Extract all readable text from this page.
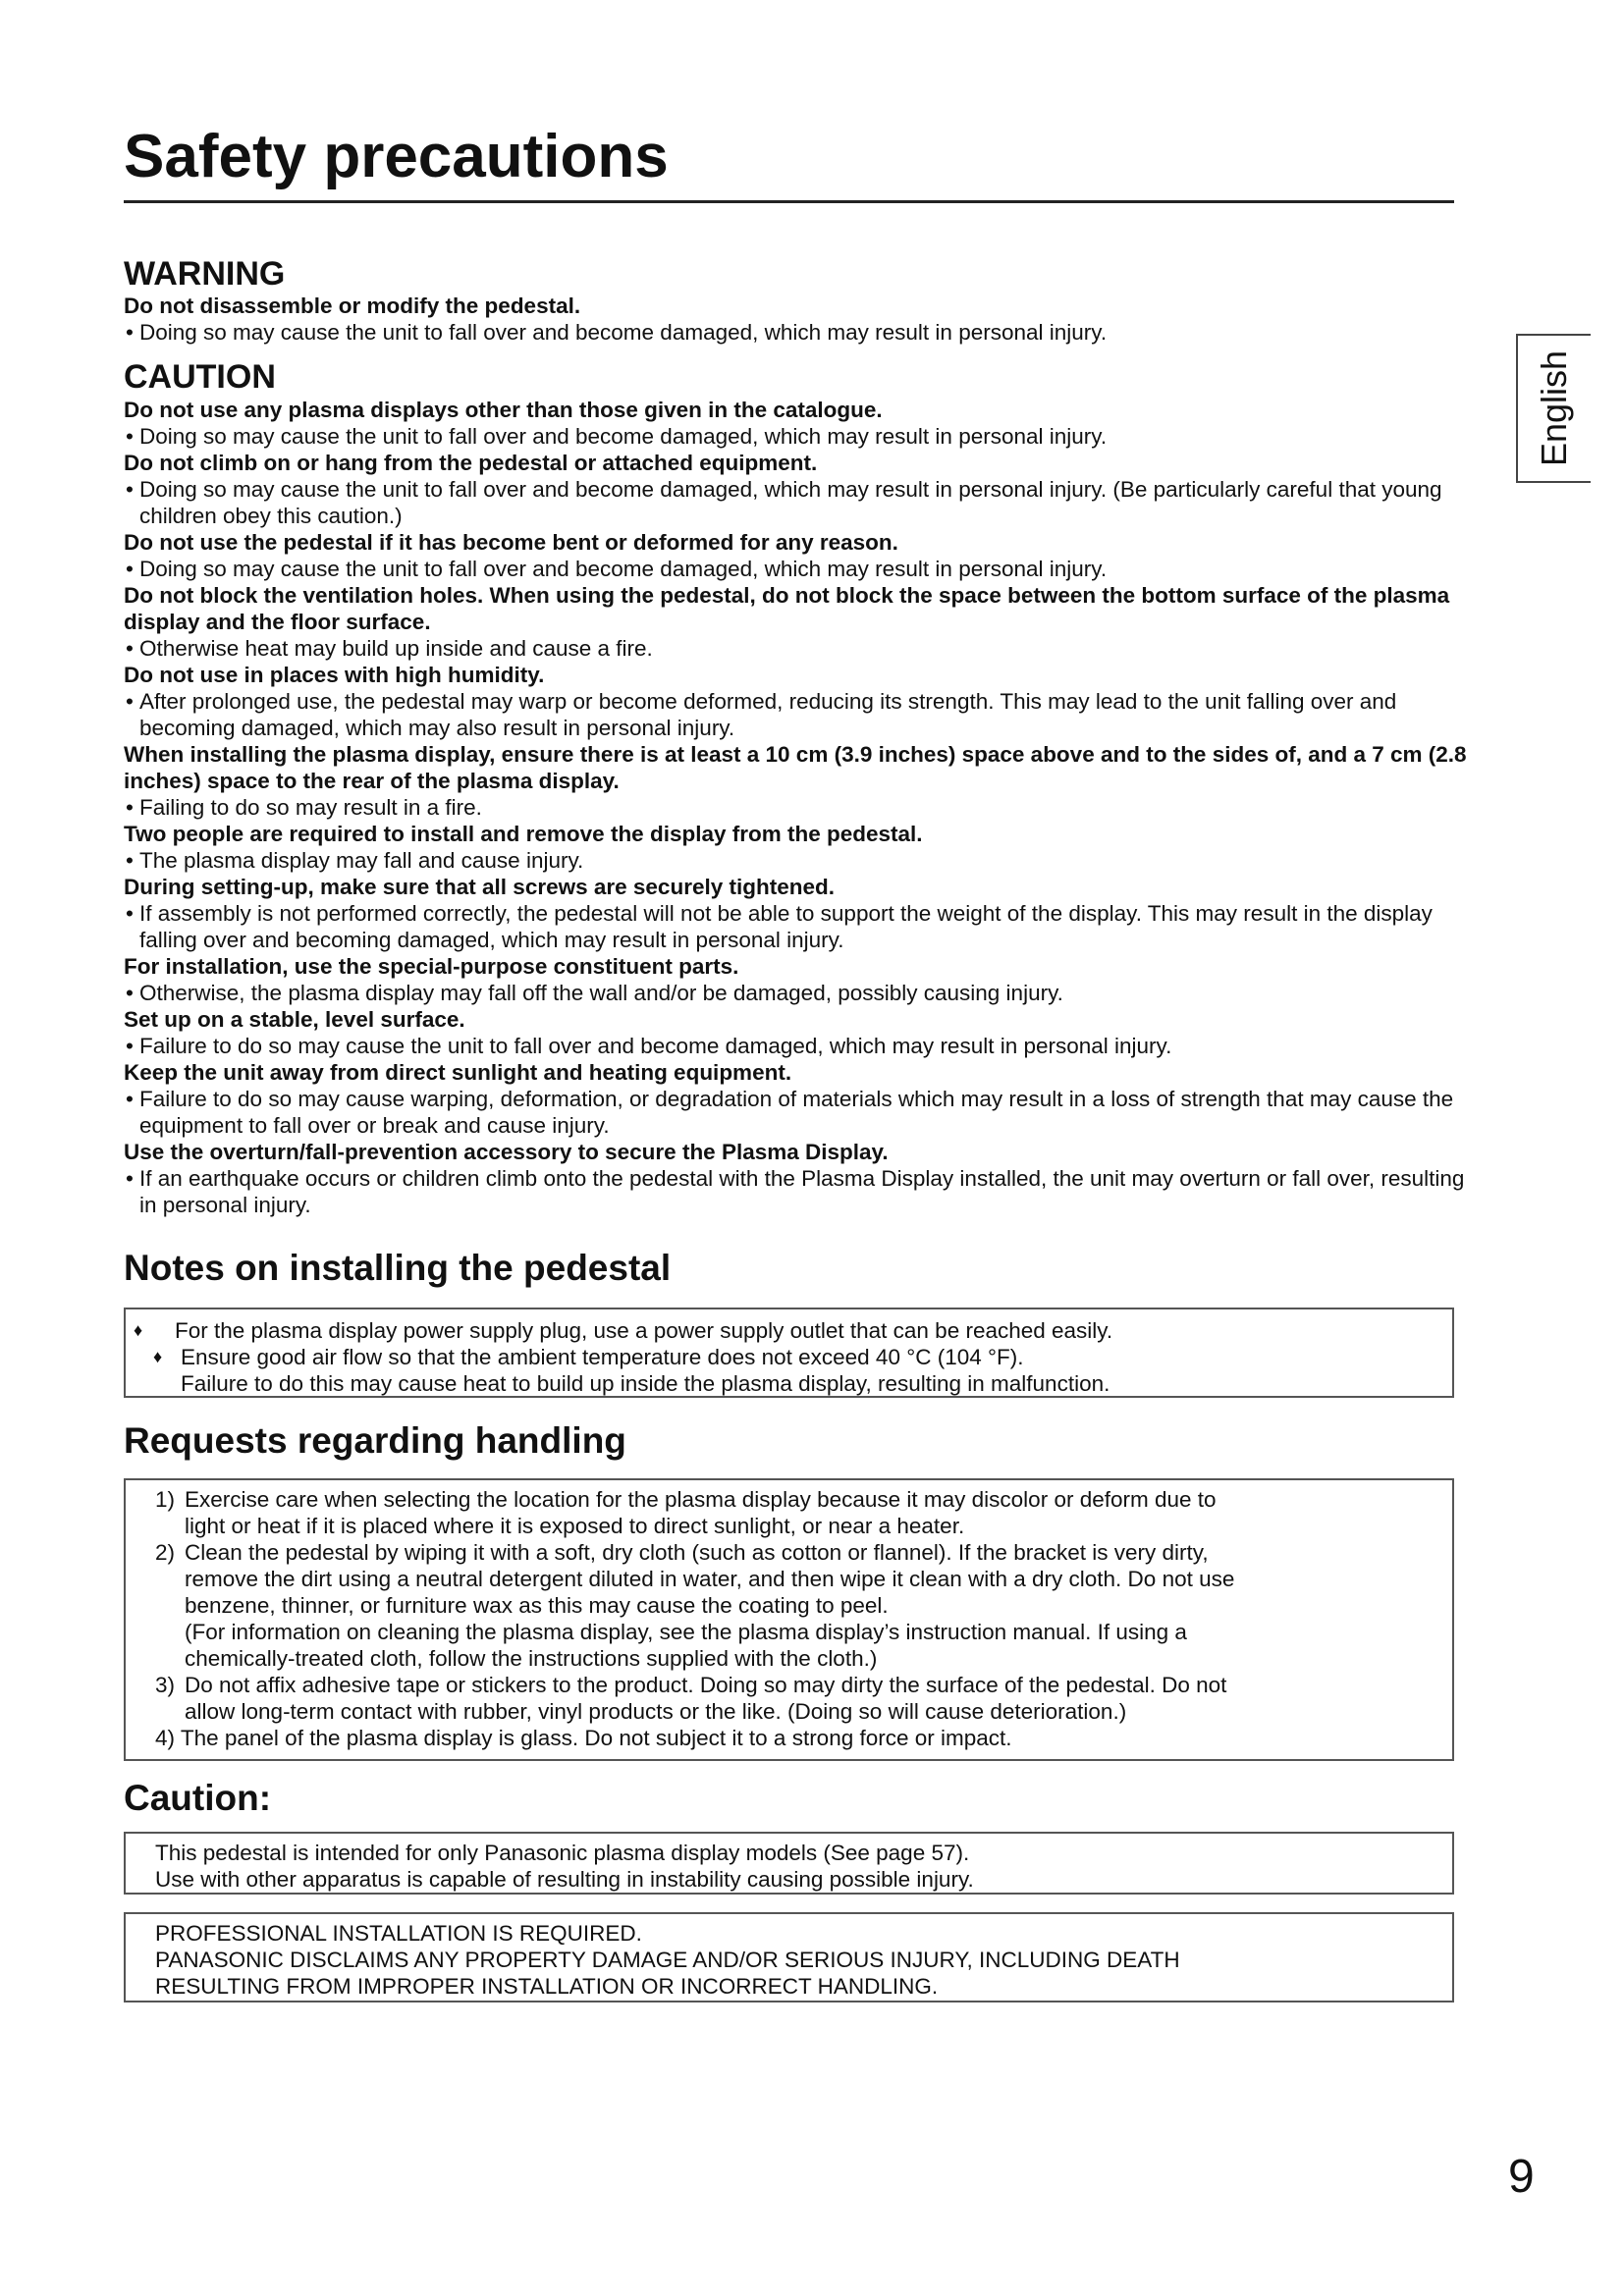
Safety precautions
English
WARNING

Do not disassemble or modify the pedestal.

• Doing so may cause the unit to fall over and become damaged, which may result in personal injury.

CAUTION

Do not use any plasma displays other than those given in the catalogue.

• Doing so may cause the unit to fall over and become damaged, which may result in personal injury.

Do not climb on or hang from the pedestal or attached equipment.

• Doing so may cause the unit to fall over and become damaged, which may result in personal injury. (Be particularly careful that young children obey this caution.)

Do not use the pedestal if it has become bent or deformed for any reason.

• Doing so may cause the unit to fall over and become damaged, which may result in personal injury.

Do not block the ventilation holes. When using the pedestal, do not block the space between the bottom surface of the plasma display and the floor surface.

• Otherwise heat may build up inside and cause a fire.

Do not use in places with high humidity.

• After prolonged use, the pedestal may warp or become deformed, reducing its strength. This may lead to the unit falling over and becoming damaged, which may also result in personal injury.

When installing the plasma display, ensure there is at least a 10 cm (3.9 inches) space above and to the sides of, and a 7 cm (2.8 inches) space to the rear of the plasma display.

• Failing to do so may result in a fire.

Two people are required to install and remove the display from the pedestal.

• The plasma display may fall and cause injury.

During setting-up, make sure that all screws are securely tightened.

• If assembly is not performed correctly, the pedestal will not be able to support the weight of the display. This may result in the display falling over and becoming damaged, which may result in personal injury.

For installation, use the special-purpose constituent parts.

• Otherwise, the plasma display may fall off the wall and/or be damaged, possibly causing injury.

Set up on a stable, level surface.

• Failure to do so may cause the unit to fall over and become damaged, which may result in personal injury.

Keep the unit away from direct sunlight and heating equipment.

• Failure to do so may cause warping, deformation, or degradation of materials which may result in a loss of strength that may cause the equipment to fall over or break and cause injury.

Use the overturn/fall-prevention accessory to secure the Plasma Display.

• If an earthquake occurs or children climb onto the pedestal with the Plasma Display installed, the unit may overturn or fall over, resulting in personal injury.

Notes on installing the pedestal
♦ For the plasma display power supply plug, use a power supply outlet that can be reached easily.
♦ Ensure good air flow so that the ambient temperature does not exceed 40 °C (104 °F).
Failure to do this may cause heat to build up inside the plasma display, resulting in malfunction.
Requests regarding handling
1) Exercise care when selecting the location for the plasma display because it may discolor or deform due to
light or heat if it is placed where it is exposed to direct sunlight, or near a heater.
2) Clean the pedestal by wiping it with a soft, dry cloth (such as cotton or flannel). If the bracket is very dirty,
remove the dirt using a neutral detergent diluted in water, and then wipe it clean with a dry cloth. Do not use
benzene, thinner, or furniture wax as this may cause the coating to peel.
(For information on cleaning the plasma display, see the plasma display’s instruction manual. If using a
chemically-treated cloth, follow the instructions supplied with the cloth.)
3) Do not affix adhesive tape or stickers to the product. Doing so may dirty the surface of the pedestal. Do not
allow long-term contact with rubber, vinyl products or the like. (Doing so will cause deterioration.)
4) The panel of the plasma display is glass. Do not subject it to a strong force or impact.
Caution:
This pedestal is intended for only Panasonic plasma display models (See page 57).
Use with other apparatus is capable of resulting in instability causing possible injury.
PROFESSIONAL INSTALLATION IS REQUIRED.
PANASONIC DISCLAIMS ANY PROPERTY DAMAGE AND/OR SERIOUS INJURY, INCLUDING DEATH
RESULTING FROM IMPROPER INSTALLATION OR INCORRECT HANDLING.
9
